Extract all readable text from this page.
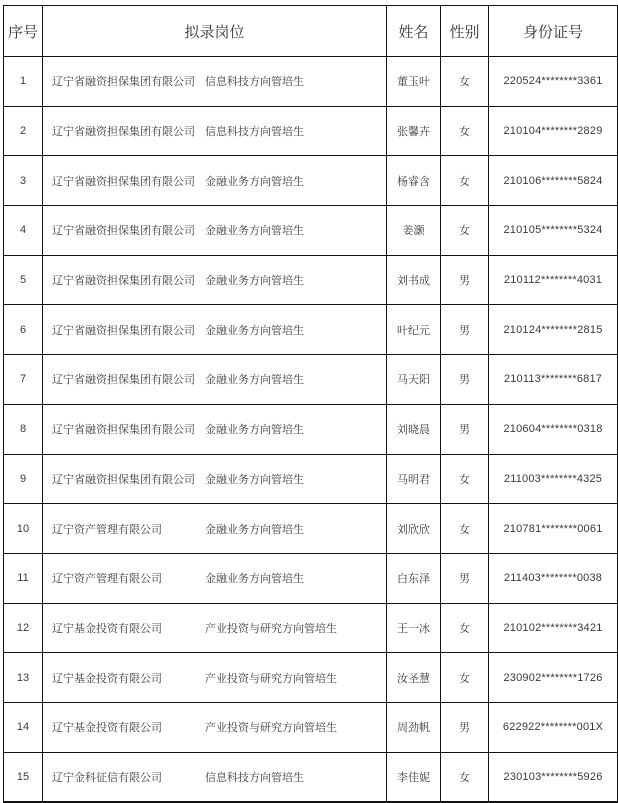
序号	拟录岗位	姓名	性别	身份证号
1	辽宁省融资担保集团有限公司 信息科技方向管培生	董玉叶	女	220524********3361
2	辽宁省融资担保集团有限公司 信息科技方向管培生	张馨卉	女	210104********2829
3	辽宁省融资担保集团有限公司 金融业务方向管培生	杨睿含	女	210106********5824
4	辽宁省融资担保集团有限公司 金融业务方向管培生	姜灏	女	210105********5324
5	辽宁省融资担保集团有限公司 金融业务方向管培生	刘书成	男	210112********4031
6	辽宁省融资担保集团有限公司 金融业务方向管培生	叶纪元	男	210124********2815
7	辽宁省融资担保集团有限公司 金融业务方向管培生	马天阳	男	210113********6817
8	辽宁省融资担保集团有限公司 金融业务方向管培生	刘晓晨	男	210604********0318
9	辽宁省融资担保集团有限公司 金融业务方向管培生	马明君	女	211003********4325
10	辽宁资产管理有限公司 金融业务方向管培生	刘欣欣	女	210781********0061
11	辽宁资产管理有限公司 金融业务方向管培生	白东泽	男	211403********0038
12	辽宁基金投资有限公司 产业投资与研究方向管培生	王一冰	女	210102********3421
13	辽宁基金投资有限公司 产业投资与研究方向管培生	汝圣慧	女	230902********1726
14	辽宁基金投资有限公司 产业投资与研究方向管培生	周劲帆	男	622922********001X
15	辽宁金科征信有限公司 信息科技方向管培生	李佳妮	女	230103********5926
